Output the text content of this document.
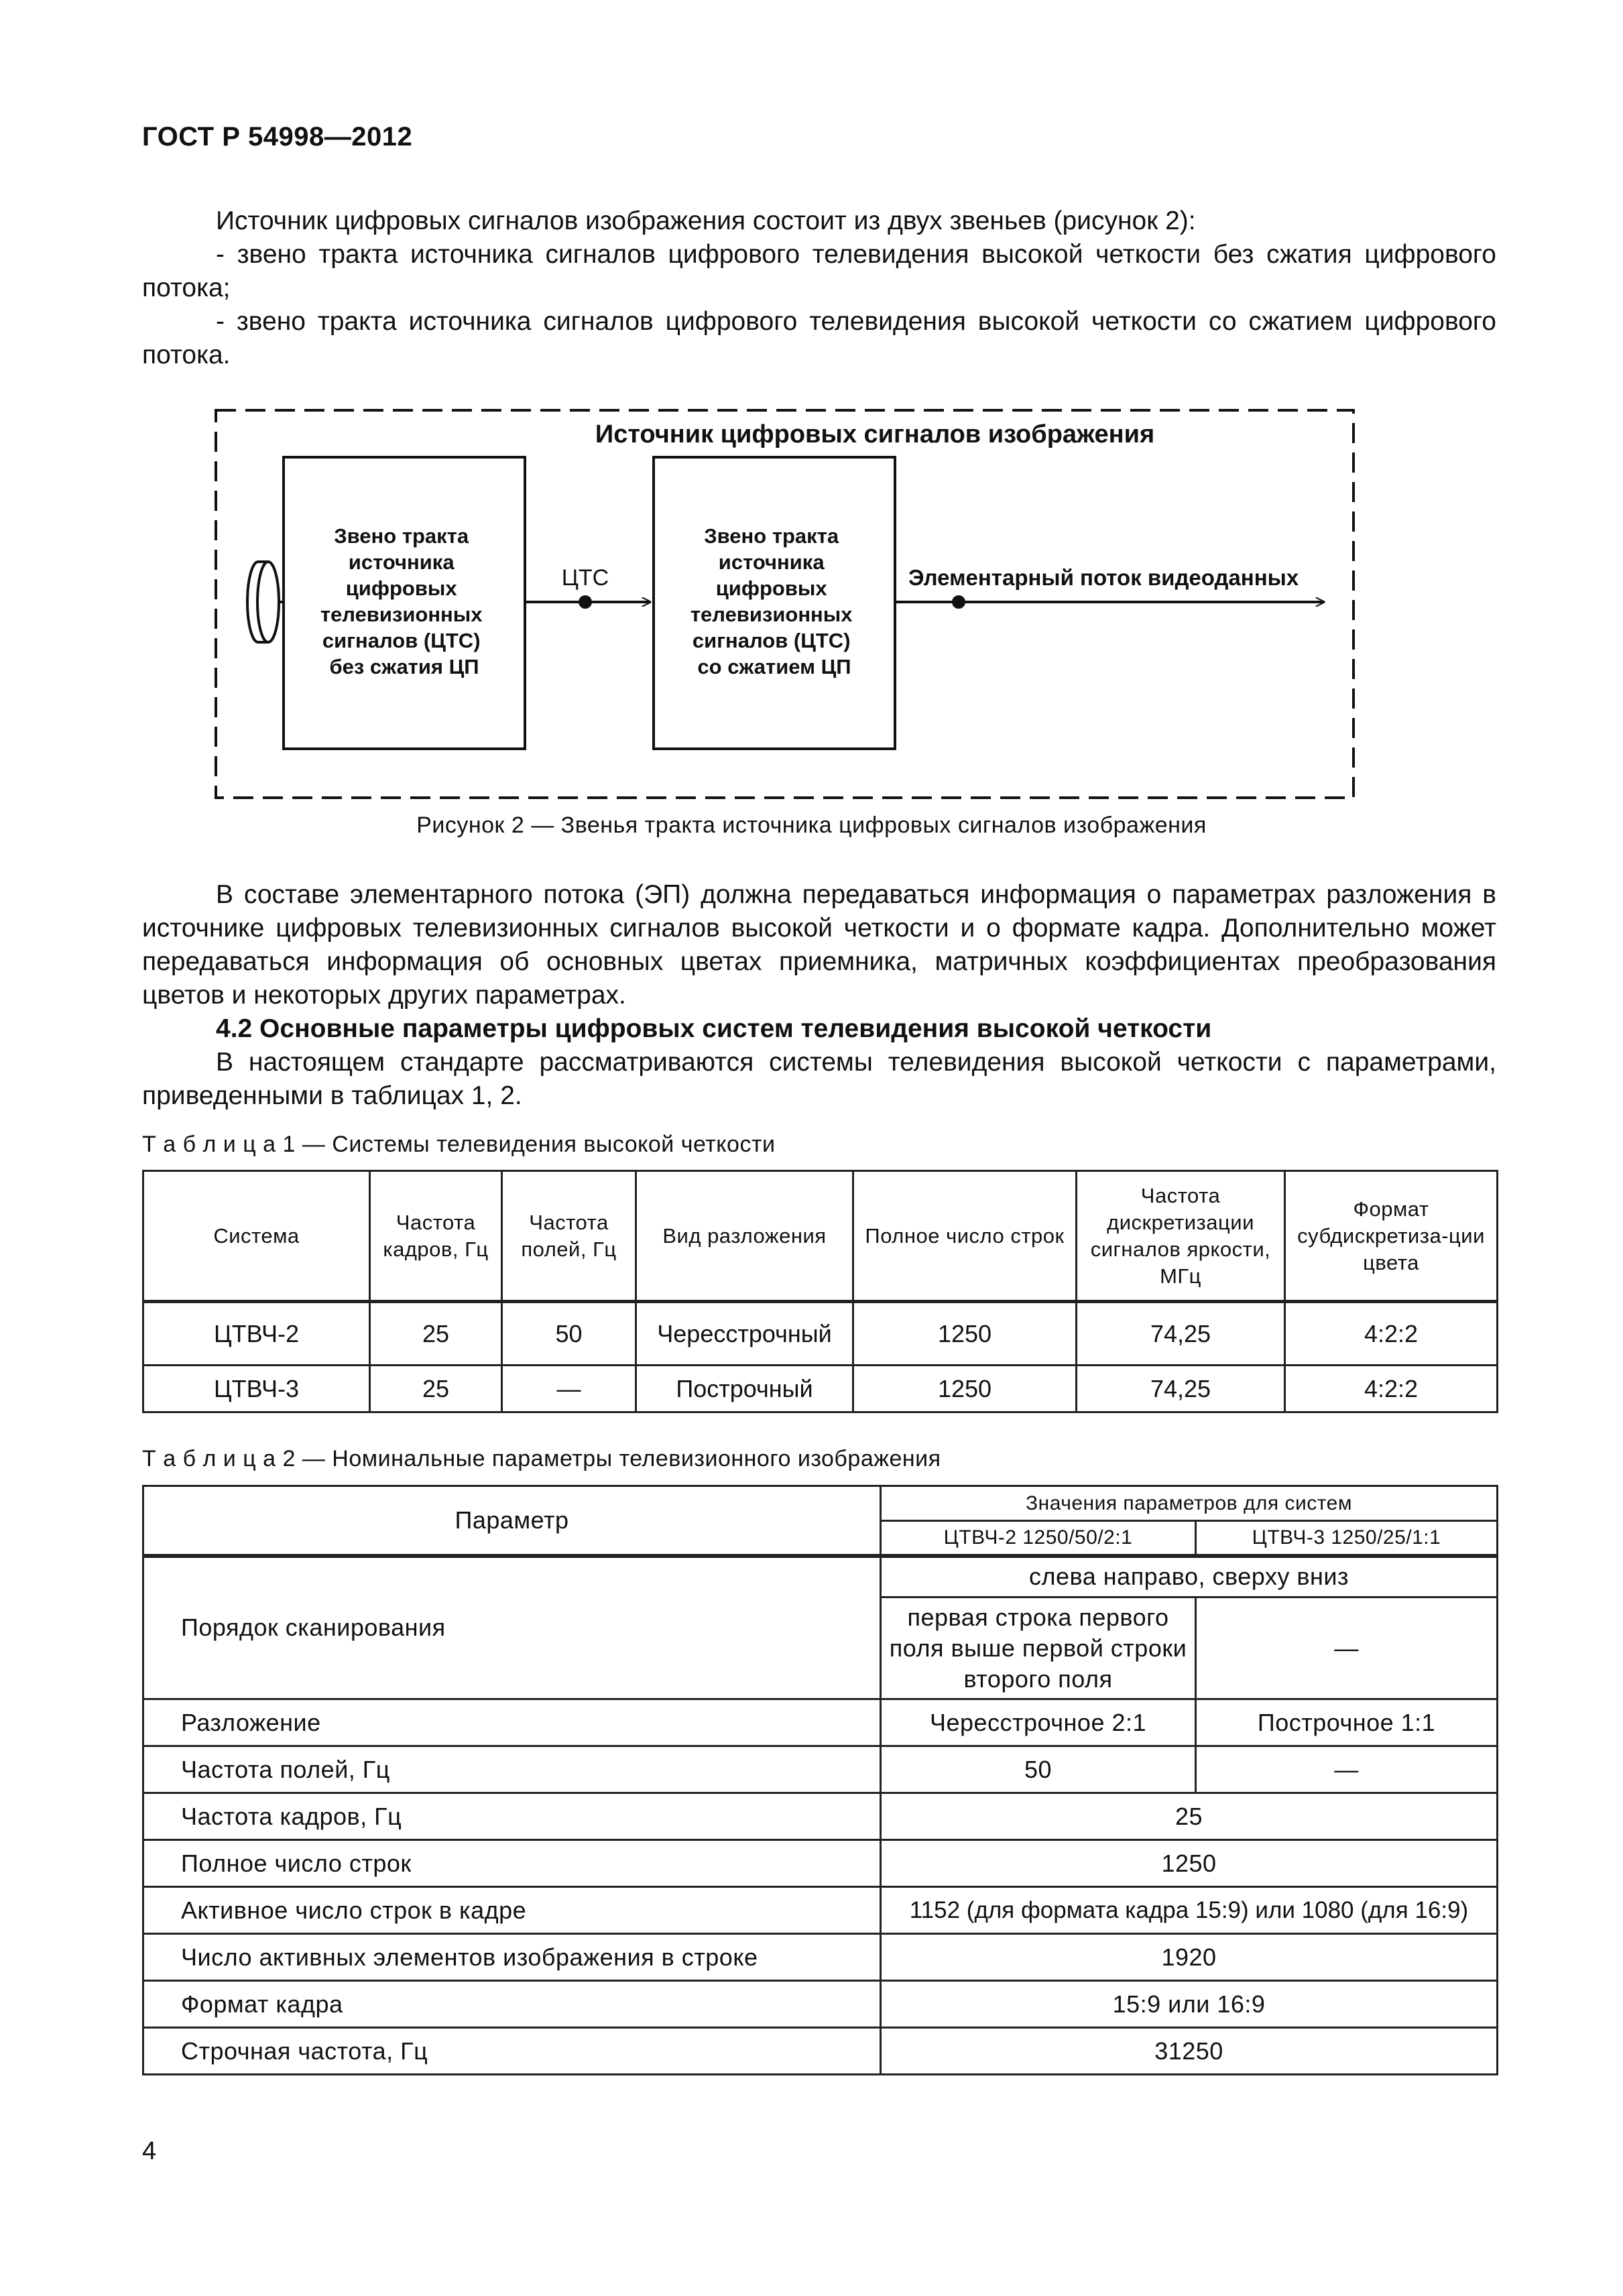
ГОСТ Р 54998—2012
Источник цифровых сигналов изображения состоит из двух звеньев (рисунок 2):
- звено тракта источника сигналов цифрового телевидения высокой четкости без сжатия цифрового потока;
- звено тракта источника сигналов цифрового телевидения высокой четкости со сжатием цифрового потока.
Источник цифровых сигналов изображения
Звено тракта источника цифровых телевизионных сигналов (ЦТС) без сжатия ЦП
ЦТС
Звено тракта источника цифровых телевизионных сигналов (ЦТС) со сжатием ЦП
Элементарный поток видеоданных
Рисунок 2 — Звенья тракта источника цифровых сигналов изображения
В составе элементарного потока (ЭП) должна передаваться информация о параметрах разложения в источнике цифровых телевизионных сигналов высокой четкости и о формате кадра. Дополнительно может передаваться информация об основных цветах приемника, матричных коэффициентах преобразования цветов и некоторых других параметрах.
4.2 Основные параметры цифровых систем телевидения высокой четкости
В настоящем стандарте рассматриваются системы телевидения высокой четкости с параметрами, приведенными в таблицах 1, 2.
Т а б л и ц а 1 — Системы телевидения высокой четкости
Система	Частота кадров, Гц	Частота полей, Гц	Вид разложения	Полное число строк	Частота дискретизации сигналов яркости, МГц	Формат субдискретиза-ции цвета
ЦТВЧ-2	25	50	Чересстрочный	1250	74,25	4:2:2
ЦТВЧ-3	25	—	Построчный	1250	74,25	4:2:2
Т а б л и ц а 2 — Номинальные параметры телевизионного изображения
Параметр	Значения параметров для систем	
	ЦТВЧ-2 1250/50/2:1	ЦТВЧ-3 1250/25/1:1
Порядок сканирования	слева направо, сверху вниз	
	первая строка первого поля выше первой строки второго поля	—
Разложение	Чересстрочное 2:1	Построчное 1:1
Частота полей, Гц	50	—
Частота кадров, Гц	25	
Полное число строк	1250	
Активное число строк в кадре	1152 (для формата кадра 15:9) или 1080 (для 16:9)	
Число активных элементов изображения в строке	1920	
Формат кадра	15:9 или 16:9	
Строчная частота, Гц	31250	
4
